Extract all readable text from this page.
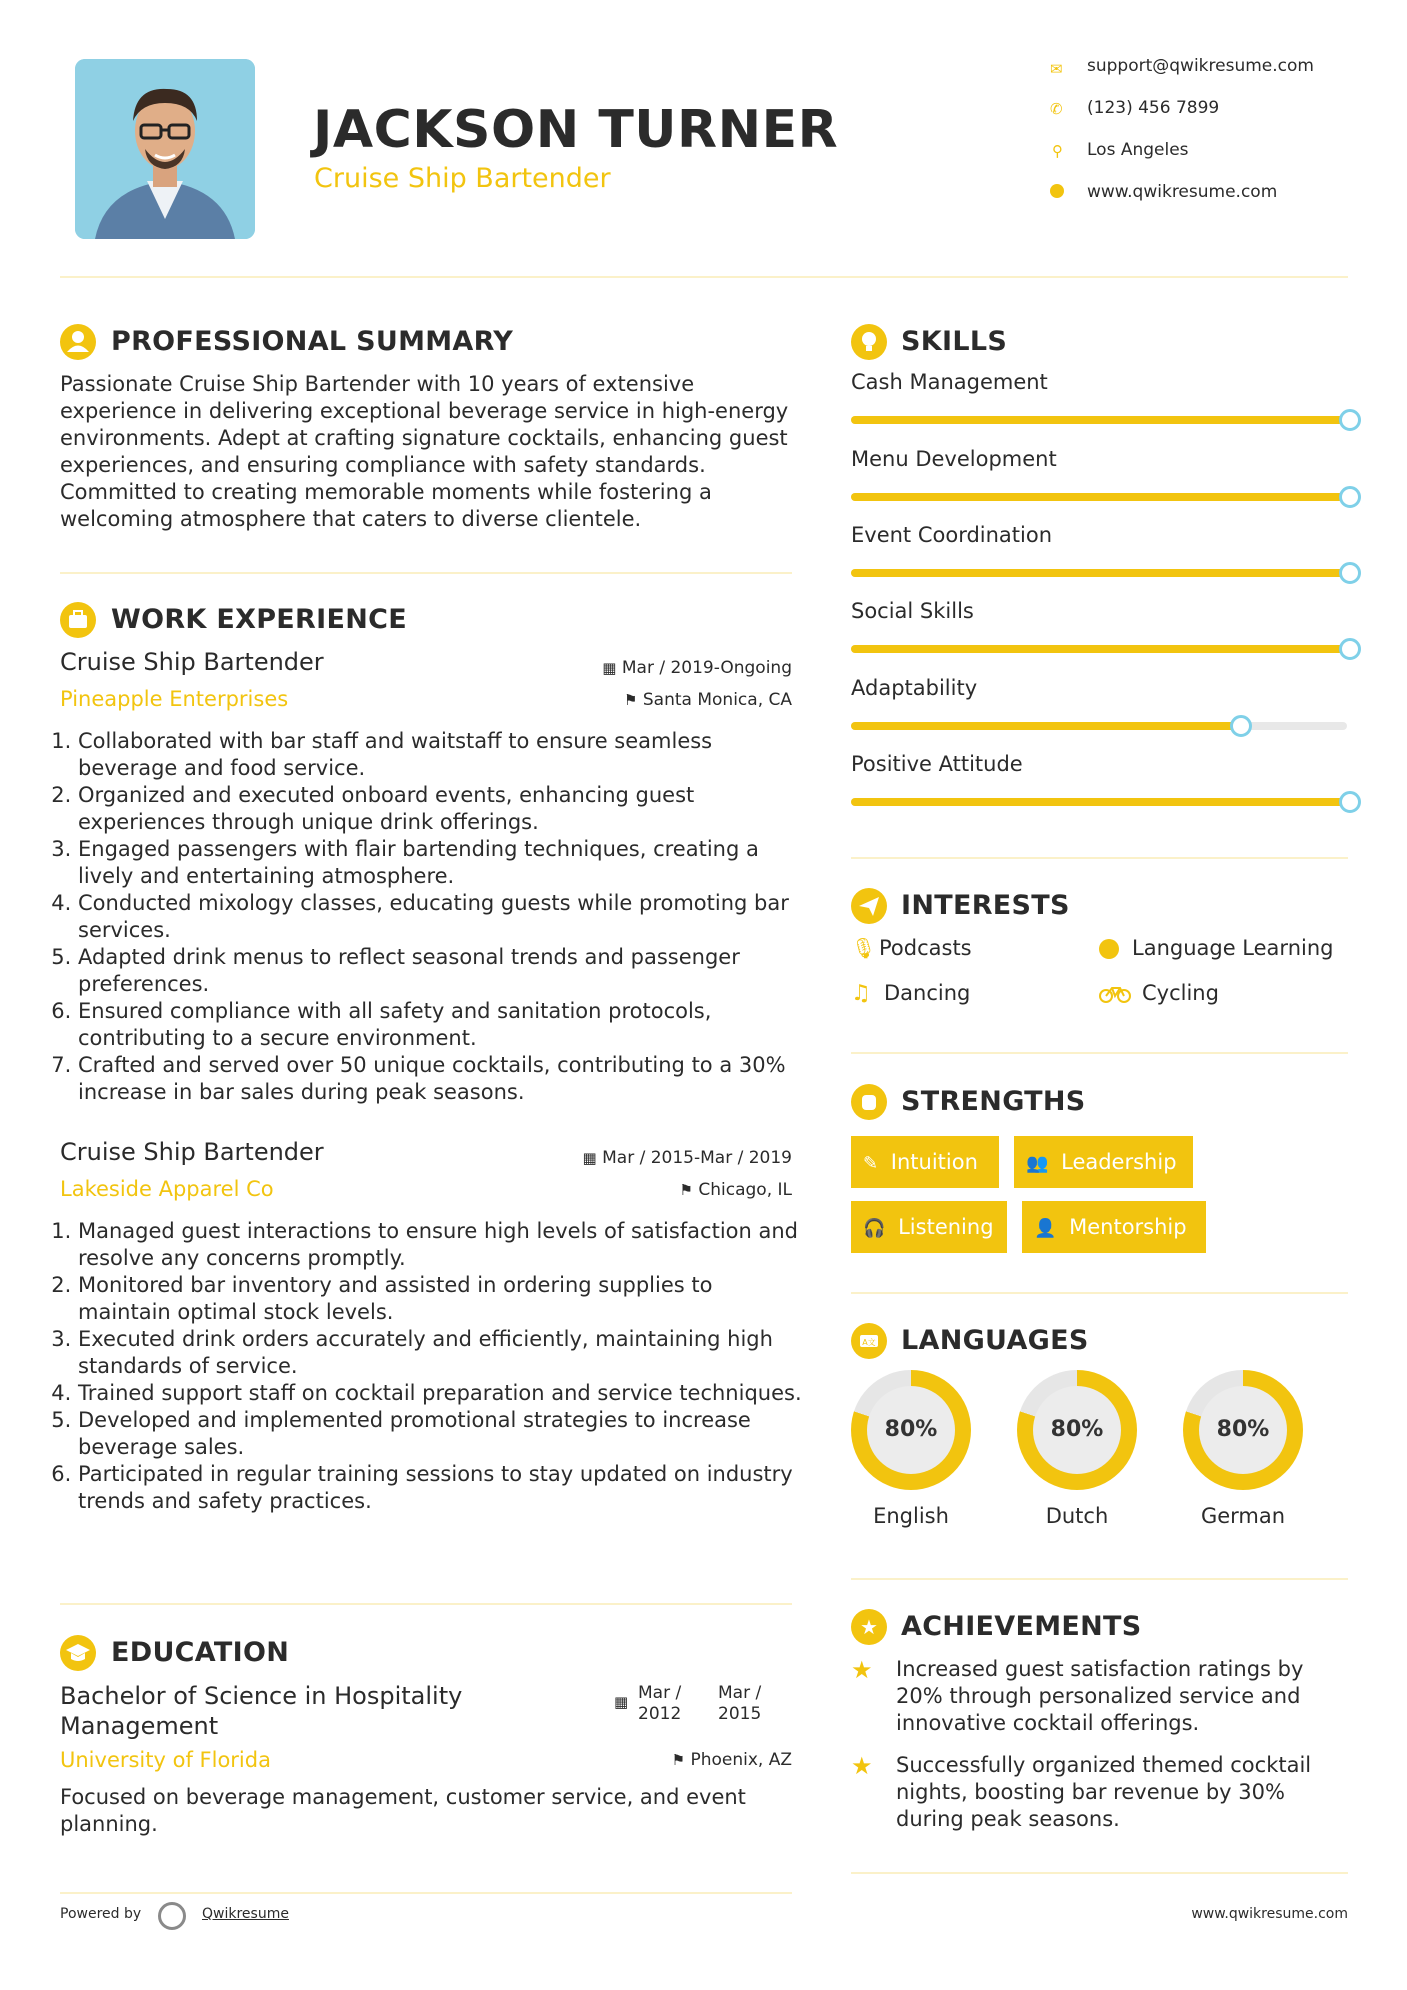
JACKSON TURNER
Cruise Ship Bartender
✉ support@qwikresume.com
✆ (123) 456 7899
⚲ Los Angeles
www.qwikresume.com
PROFESSIONAL SUMMARY
Passionate Cruise Ship Bartender with 10 years of extensive experience in delivering exceptional beverage service in high-energy environments. Adept at crafting signature cocktails, enhancing guest experiences, and ensuring compliance with safety standards. Committed to creating memorable moments while fostering a welcoming atmosphere that caters to diverse clientele.
WORK EXPERIENCE
Cruise Ship Bartender
Pineapple Enterprises
▦ Mar / 2019-Ongoing
⚑ Santa Monica, CA
1. Collaborated with bar staff and waitstaff to ensure seamless beverage and food service.
2. Organized and executed onboard events, enhancing guest experiences through unique drink offerings.
3. Engaged passengers with flair bartending techniques, creating a lively and entertaining atmosphere.
4. Conducted mixology classes, educating guests while promoting bar services.
5. Adapted drink menus to reflect seasonal trends and passenger preferences.
6. Ensured compliance with all safety and sanitation protocols, contributing to a secure environment.
7. Crafted and served over 50 unique cocktails, contributing to a 30% increase in bar sales during peak seasons.
Cruise Ship Bartender
Lakeside Apparel Co
▦ Mar / 2015-Mar / 2019
⚑ Chicago, IL
1. Managed guest interactions to ensure high levels of satisfaction and resolve any concerns promptly.
2. Monitored bar inventory and assisted in ordering supplies to maintain optimal stock levels.
3. Executed drink orders accurately and efficiently, maintaining high standards of service.
4. Trained support staff on cocktail preparation and service techniques.
5. Developed and implemented promotional strategies to increase beverage sales.
6. Participated in regular training sessions to stay updated on industry trends and safety practices.
EDUCATION
Bachelor of Science in Hospitality Management
▦ Mar / 2012
Mar / 2015
University of Florida	⚑ Phoenix, AZ
Focused on beverage management, customer service, and event planning.
SKILLS
Cash Management
Menu Development
Event Coordination
Social Skills
Adaptability
Positive Attitude
INTERESTS
🎙 Podcasts	Language Learning
♫ Dancing	Cycling
STRENGTHS
✎ Intuition	👥 Leadership
🎧 Listening	👤 Mentorship
A文 LANGUAGES
80%
English
80%
Dutch
80%
German
★ ACHIEVEMENTS
★ Increased guest satisfaction ratings by 20% through personalized service and innovative cocktail offerings.
★ Successfully organized themed cocktail nights, boosting bar revenue by 30% during peak seasons.
Powered by	Qwikresume	www.qwikresume.com
